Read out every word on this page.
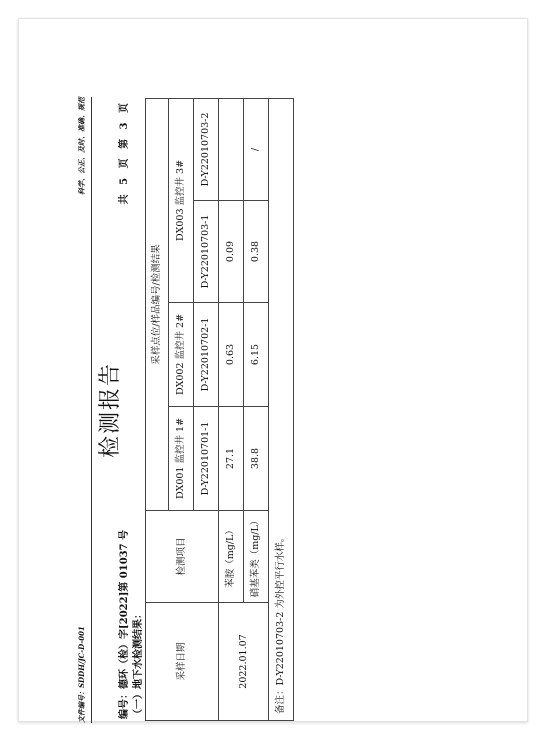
文件编号：SDDH/JC-D-001
科学、公正、及时、准确、规范
检测报告
编号：德环（检）字[2022]第 01037 号
共 5 页 第 3 页
（一）地下水检测结果：	采样日期	检测项目	采样点位/样品编号/检测结果			
		DX001 监控井 1#	DX002 监控井 2#	DX003 监控井 3#	
		D-Y22010701-1	D-Y22010702-1	D-Y22010703-1	D-Y22010703-2
2022.01.07	苯胺（mg/L）	27.1	0.63	0.09	
	硝基苯类（mg/L）	38.8	6.15	0.38	/
备注：D-Y22010703-2 为外控平行水样。					
